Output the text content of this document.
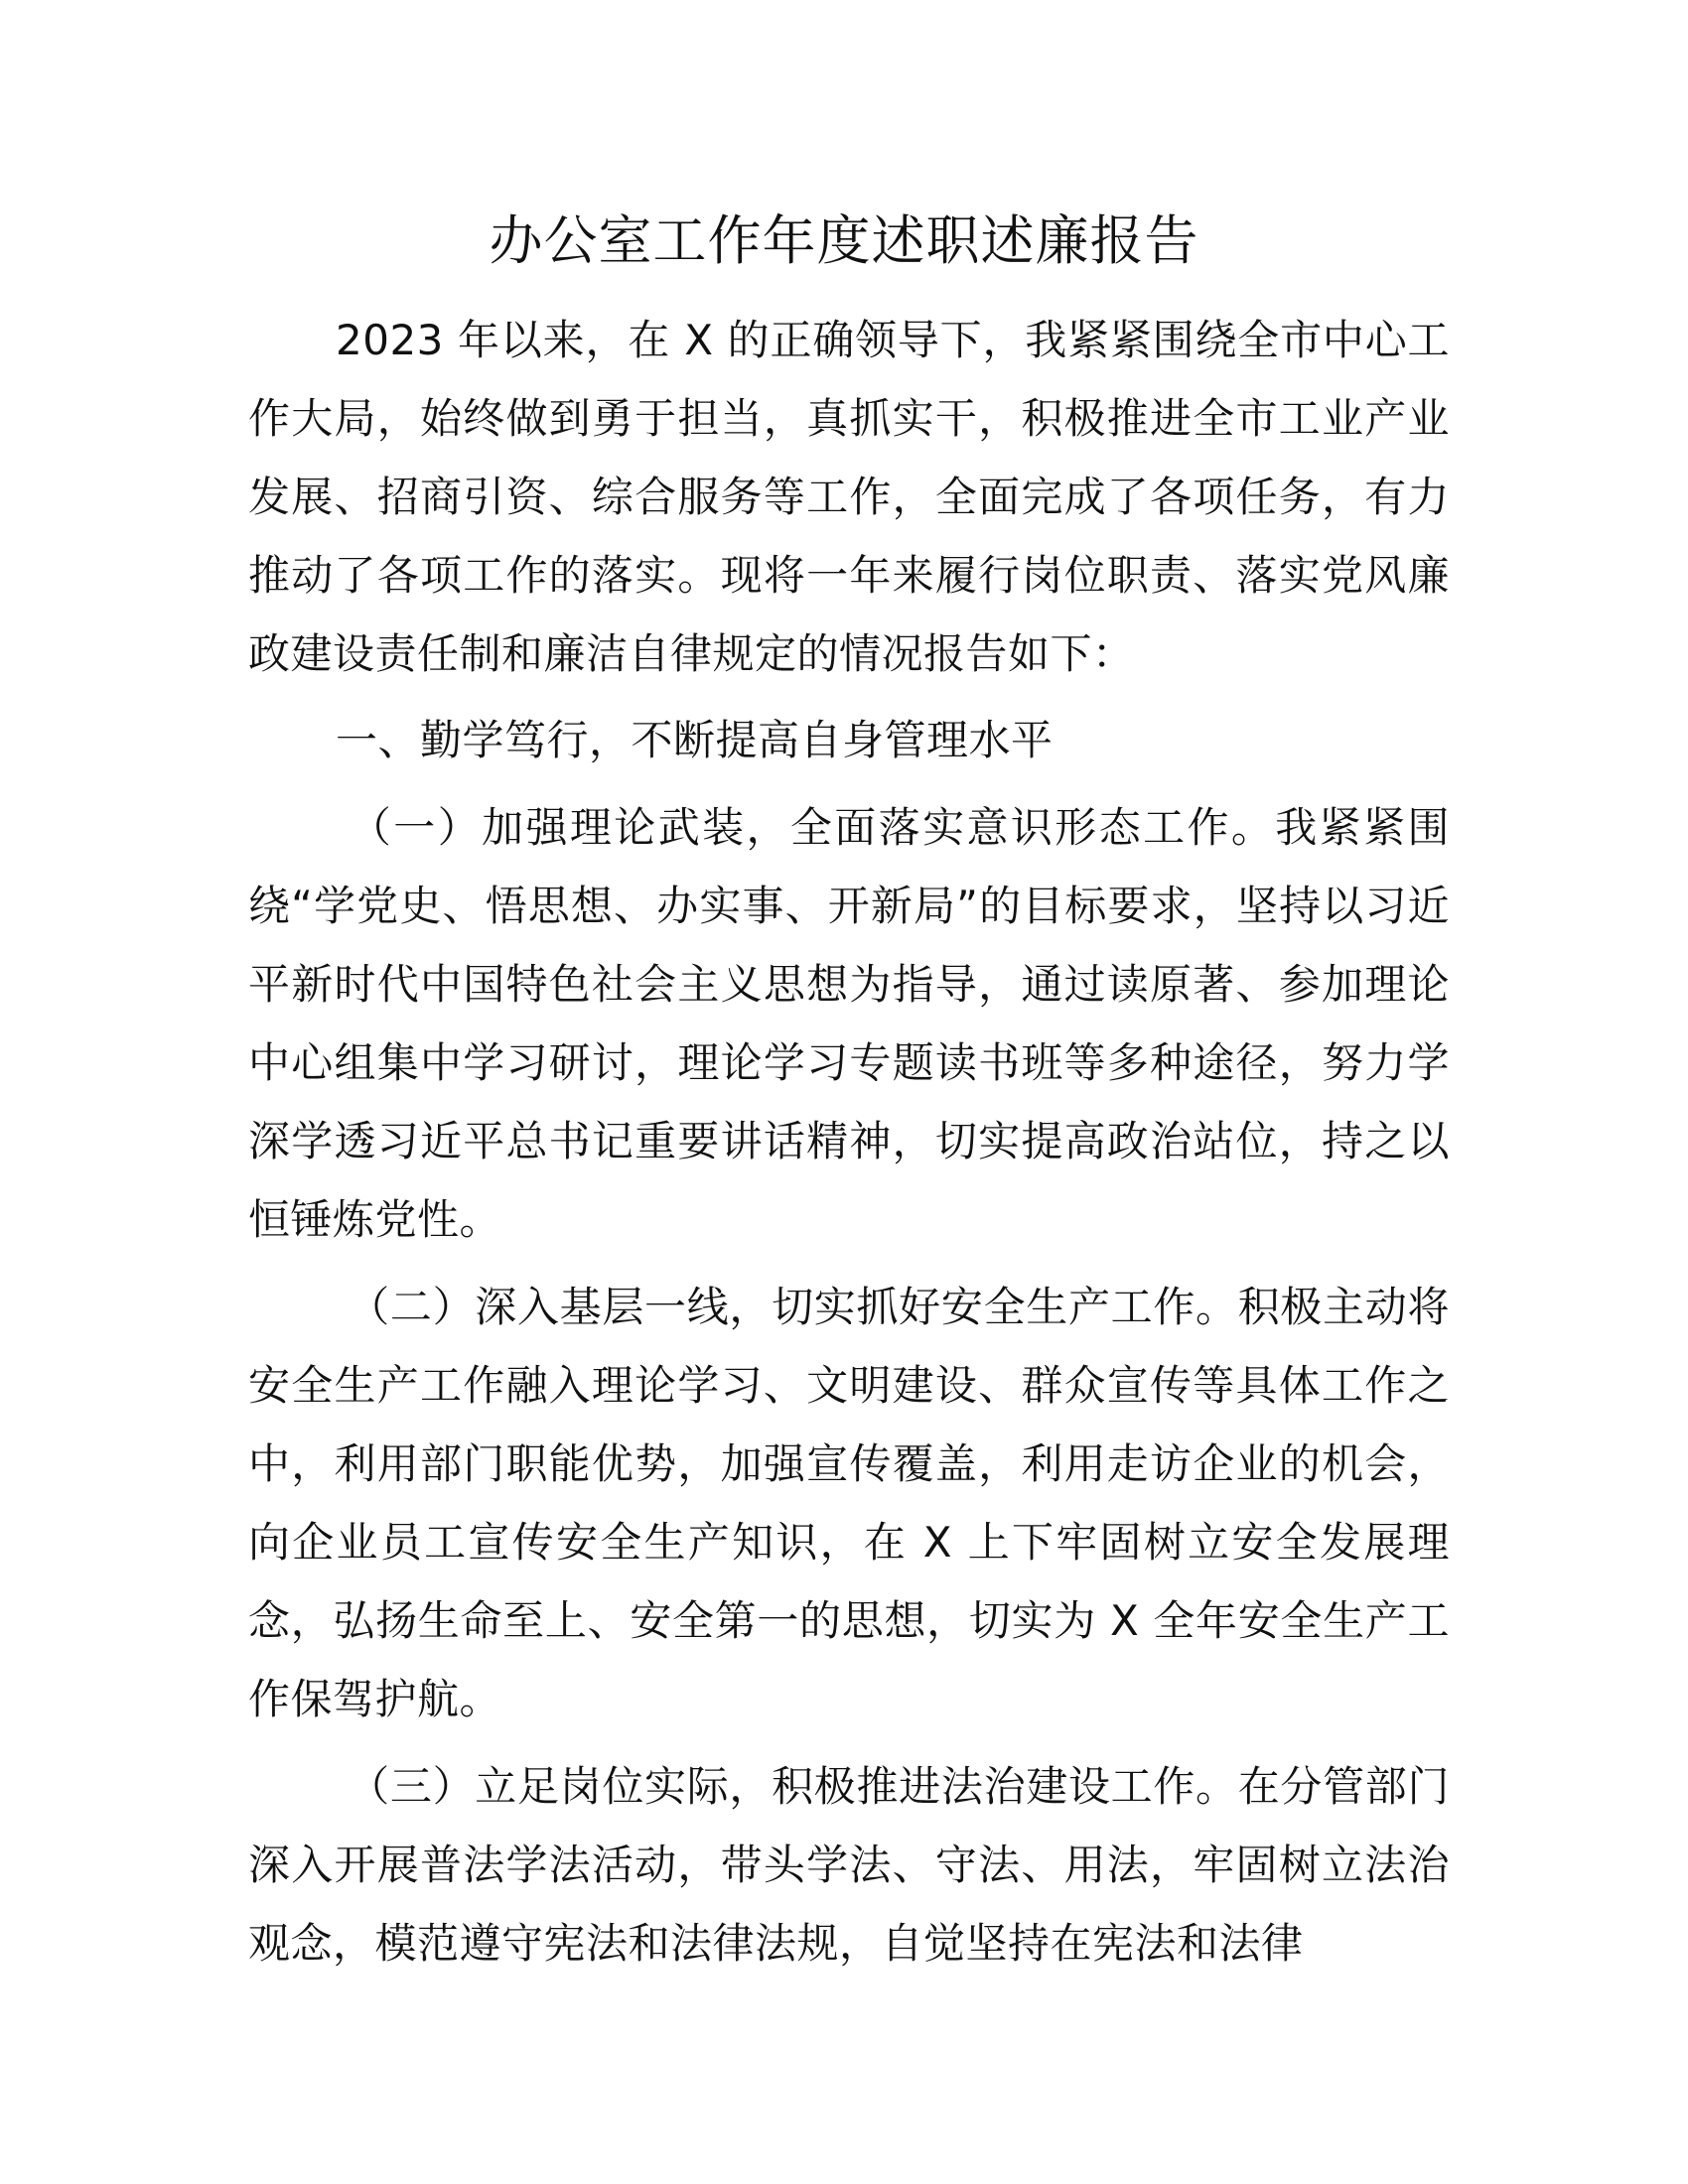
办公室工作年度述职述廉报告

2023 年以来，在 X 的正确领导下，我紧紧围绕全市中心工作大局，始终做到勇于担当，真抓实干，积极推进全市工业产业发展、招商引资、综合服务等工作，全面完成了各项任务，有力推动了各项工作的落实。现将一年来履行岗位职责、落实党风廉政建设责任制和廉洁自律规定的情况报告如下：

一、勤学笃行，不断提高自身管理水平

（一）加强理论武装，全面落实意识形态工作。我紧紧围绕“学党史、悟思想、办实事、开新局”的目标要求，坚持以习近平新时代中国特色社会主义思想为指导，通过读原著、参加理论中心组集中学习研讨，理论学习专题读书班等多种途径，努力学深学透习近平总书记重要讲话精神，切实提高政治站位，持之以恒锤炼党性。

（二）深入基层一线，切实抓好安全生产工作。积极主动将安全生产工作融入理论学习、文明建设、群众宣传等具体工作之中，利用部门职能优势，加强宣传覆盖，利用走访企业的机会，向企业员工宣传安全生产知识，在 X 上下牢固树立安全发展理念，弘扬生命至上、安全第一的思想，切实为 X 全年安全生产工作保驾护航。

（三）立足岗位实际，积极推进法治建设工作。在分管部门深入开展普法学法活动，带头学法、守法、用法，牢固树立法治观念，模范遵守宪法和法律法规，自觉坚持在宪法和法律
